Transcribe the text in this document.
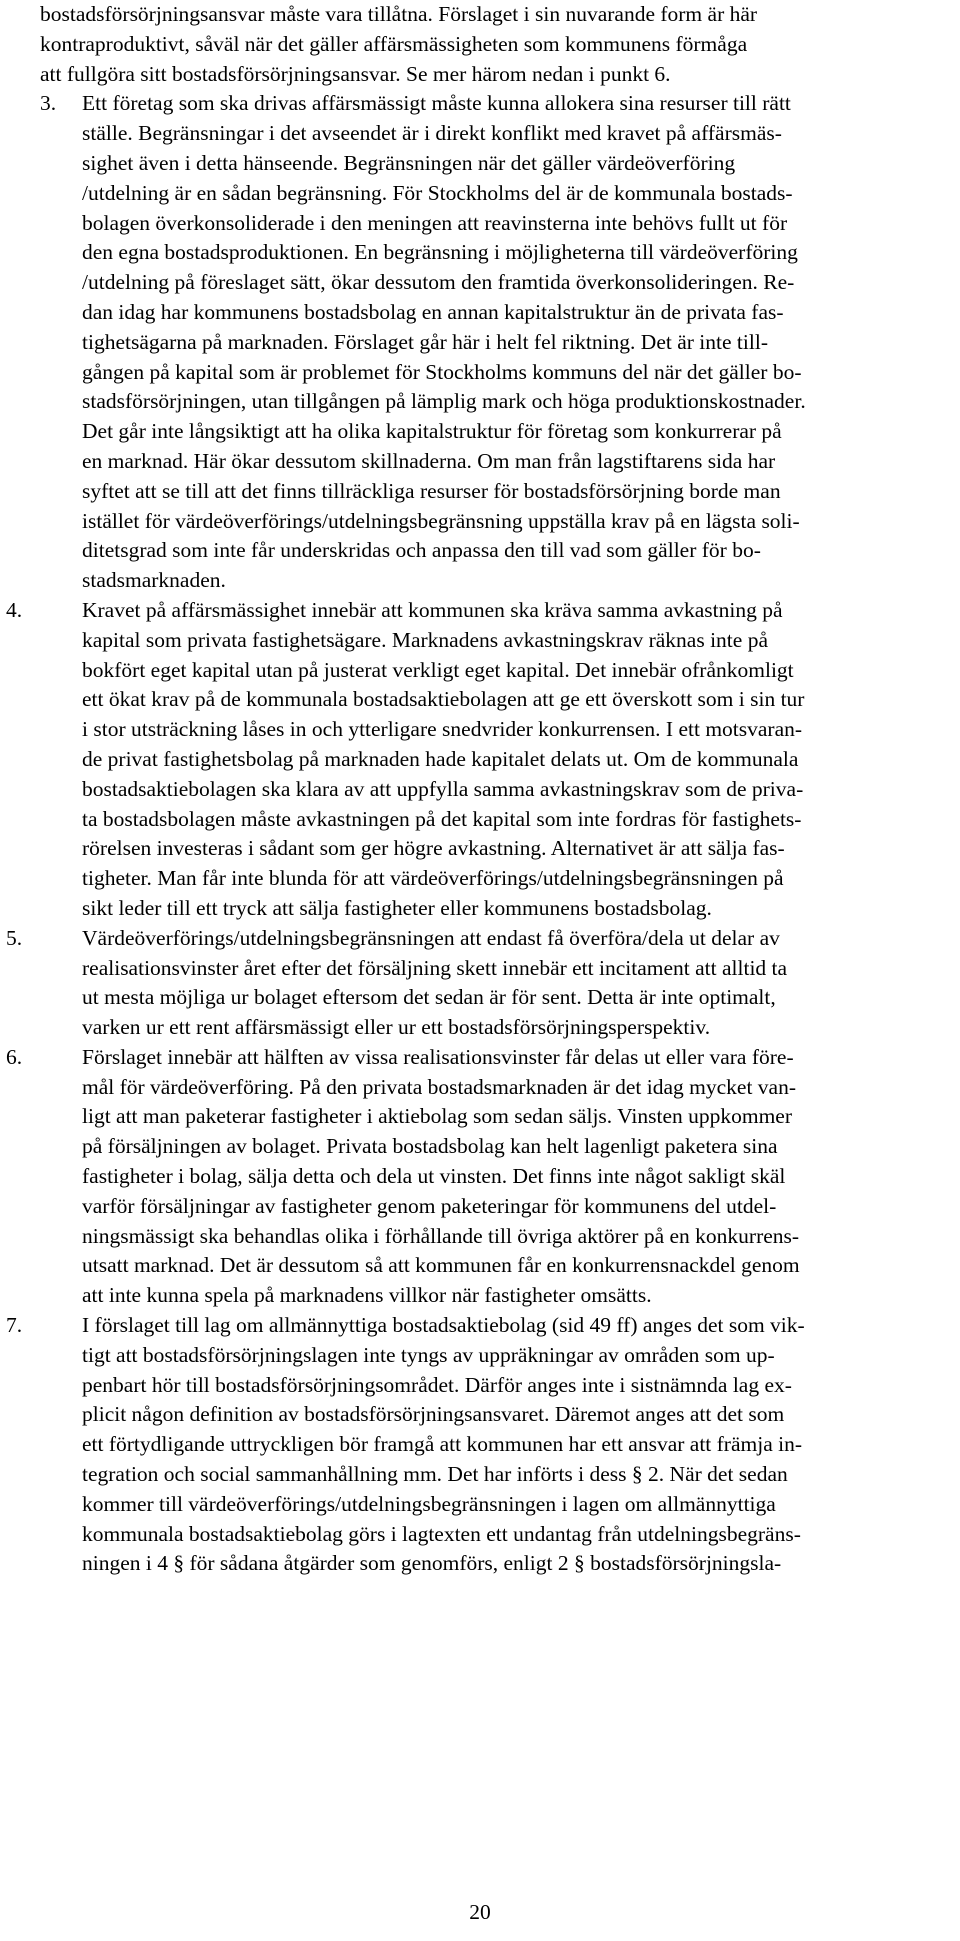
bostadsförsörjningsansvar måste vara tillåtna. Förslaget i sin nuvarande form är här
kontraproduktivt, såväl när det gäller affärsmässigheten som kommunens förmåga
att fullgöra sitt bostadsförsörjningsansvar. Se mer härom nedan i punkt 6.
3. Ett företag som ska drivas affärsmässigt måste kunna allokera sina resurser till rätt
ställe. Begränsningar i det avseendet är i direkt konflikt med kravet på affärsmäs-
sighet även i detta hänseende. Begränsningen när det gäller värdeöverföring
/utdelning är en sådan begränsning. För Stockholms del är de kommunala bostads-
bolagen överkonsoliderade i den meningen att reavinsterna inte behövs fullt ut för
den egna bostadsproduktionen. En begränsning i möjligheterna till värdeöverföring
/utdelning på föreslaget sätt, ökar dessutom den framtida överkonsolideringen. Re-
dan idag har kommunens bostadsbolag en annan kapitalstruktur än de privata fas-
tighetsägarna på marknaden. Förslaget går här i helt fel riktning. Det är inte till-
gången på kapital som är problemet för Stockholms kommuns del när det gäller bo-
stadsförsörjningen, utan tillgången på lämplig mark och höga produktionskostnader.
Det går inte långsiktigt att ha olika kapitalstruktur för företag som konkurrerar på
en marknad. Här ökar dessutom skillnaderna. Om man från lagstiftarens sida har
syftet att se till att det finns tillräckliga resurser för bostadsförsörjning borde man
istället för värdeöverförings/utdelningsbegränsning uppställa krav på en lägsta soli-
ditetsgrad som inte får underskridas och anpassa den till vad som gäller för bo-
stadsmarknaden.
4.	Kravet på affärsmässighet innebär att kommunen ska kräva samma avkastning på
kapital som privata fastighetsägare. Marknadens avkastningskrav räknas inte på
bokfört eget kapital utan på justerat verkligt eget kapital. Det innebär ofrånkomligt
ett ökat krav på de kommunala bostadsaktiebolagen att ge ett överskott som i sin tur
i stor utsträckning låses in och ytterligare snedvrider konkurrensen. I ett motsvaran-
de privat fastighetsbolag på marknaden hade kapitalet delats ut. Om de kommunala
bostadsaktiebolagen ska klara av att uppfylla samma avkastningskrav som de priva-
ta bostadsbolagen måste avkastningen på det kapital som inte fordras för fastighets-
rörelsen investeras i sådant som ger högre avkastning. Alternativet är att sälja fas-
tigheter. Man får inte blunda för att värdeöverförings/utdelningsbegränsningen på
sikt leder till ett tryck att sälja fastigheter eller kommunens bostadsbolag.
5.	Värdeöverförings/utdelningsbegränsningen att endast få överföra/dela ut delar av
realisationsvinster året efter det försäljning skett innebär ett incitament att alltid ta
ut mesta möjliga ur bolaget eftersom det sedan är för sent. Detta är inte optimalt,
varken ur ett rent affärsmässigt eller ur ett bostadsförsörjningsperspektiv.
6.	Förslaget innebär att hälften av vissa realisationsvinster får delas ut eller vara före-
mål för värdeöverföring. På den privata bostadsmarknaden är det idag mycket van-
ligt att man paketerar fastigheter i aktiebolag som sedan säljs. Vinsten uppkommer
på försäljningen av bolaget. Privata bostadsbolag kan helt lagenligt paketera sina
fastigheter i bolag, sälja detta och dela ut vinsten. Det finns inte något sakligt skäl
varför försäljningar av fastigheter genom paketeringar för kommunens del utdel-
ningsmässigt ska behandlas olika i förhållande till övriga aktörer på en konkurrens-
utsatt marknad. Det är dessutom så att kommunen får en konkurrensnackdel genom
att inte kunna spela på marknadens villkor när fastigheter omsätts.
7.	I förslaget till lag om allmännyttiga bostadsaktiebolag (sid 49 ff) anges det som vik-
tigt att bostadsförsörjningslagen inte tyngs av uppräkningar av områden som up-
penbart hör till bostadsförsörjningsområdet. Därför anges inte i sistnämnda lag ex-
plicit någon definition av bostadsförsörjningsansvaret. Däremot anges att det som
ett förtydligande uttryckligen bör framgå att kommunen har ett ansvar att främja in-
tegration och social sammanhållning mm. Det har införts i dess § 2. När det sedan
kommer till värdeöverförings/utdelningsbegränsningen i lagen om allmännyttiga
kommunala bostadsaktiebolag görs i lagtexten ett undantag från utdelningsbegräns-
ningen i 4 § för sådana åtgärder som genomförs, enligt 2 § bostadsförsörjningsla-
20
